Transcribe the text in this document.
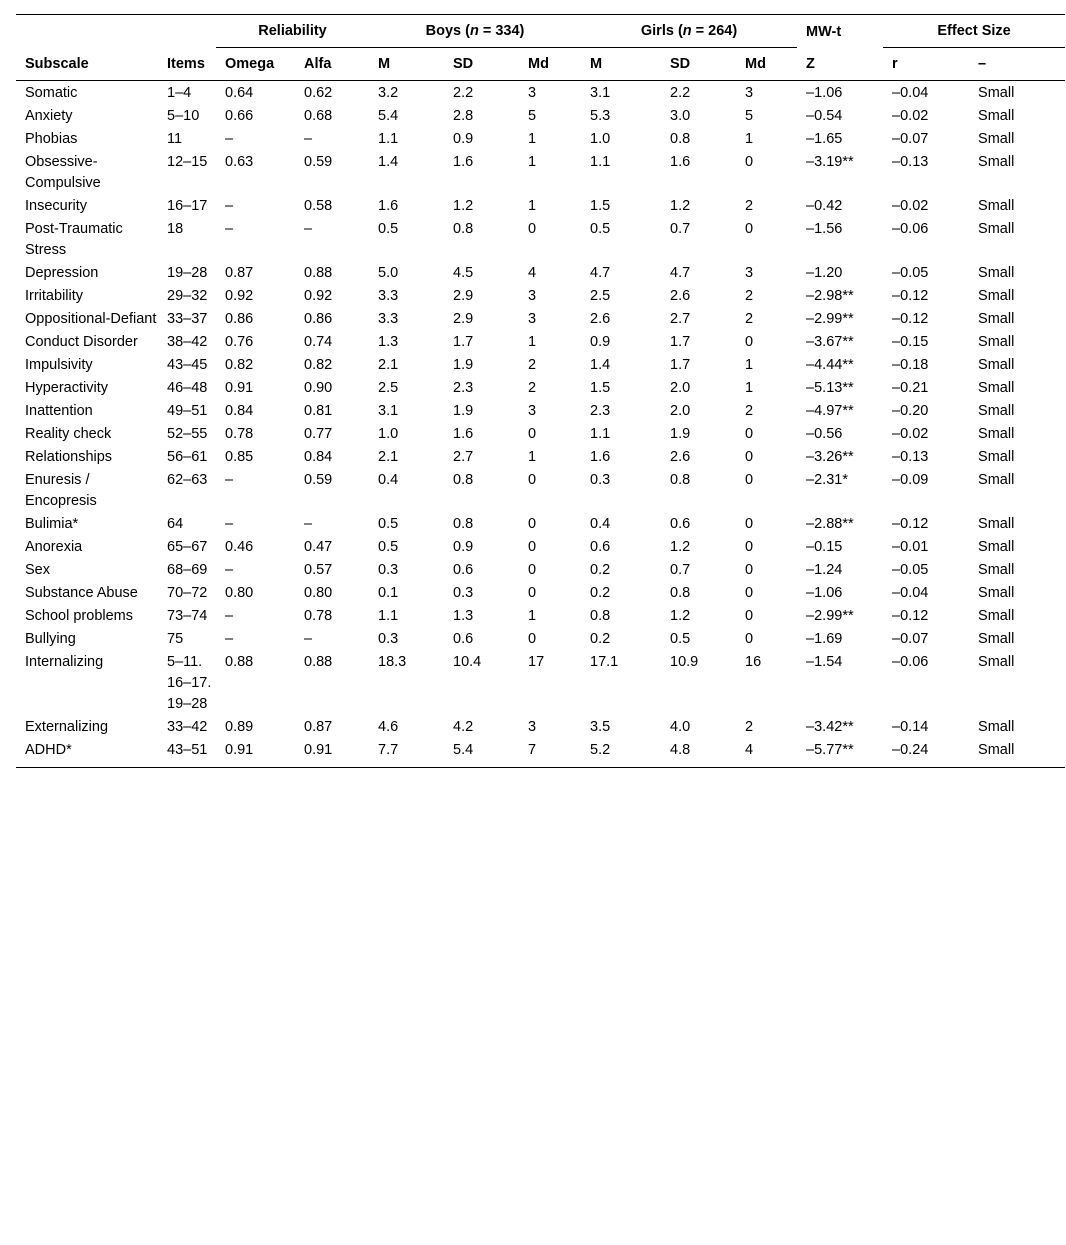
		Reliability		Boys (n = 334)			Girls (n = 264)			MW-t	Effect Size	

Subscale	Items	Omega	Alfa	M	SD	Md	M	SD	Md	Z	r	–
Somatic	1–4	0.64	0.62	3.2	2.2	3	3.1	2.2	3	–1.06	–0.04	Small
Anxiety	5–10	0.66	0.68	5.4	2.8	5	5.3	3.0	5	–0.54	–0.02	Small
Phobias	11	–	–	1.1	0.9	1	1.0	0.8	1	–1.65	–0.07	Small
Obsessive-Compulsive	12–15	0.63	0.59	1.4	1.6	1	1.1	1.6	0	–3.19**	–0.13	Small
Insecurity	16–17	–	0.58	1.6	1.2	1	1.5	1.2	2	–0.42	–0.02	Small
Post-Traumatic Stress	18	–	–	0.5	0.8	0	0.5	0.7	0	–1.56	–0.06	Small
Depression	19–28	0.87	0.88	5.0	4.5	4	4.7	4.7	3	–1.20	–0.05	Small
Irritability	29–32	0.92	0.92	3.3	2.9	3	2.5	2.6	2	–2.98**	–0.12	Small
Oppositional-Defiant	33–37	0.86	0.86	3.3	2.9	3	2.6	2.7	2	–2.99**	–0.12	Small
Conduct Disorder	38–42	0.76	0.74	1.3	1.7	1	0.9	1.7	0	–3.67**	–0.15	Small
Impulsivity	43–45	0.82	0.82	2.1	1.9	2	1.4	1.7	1	–4.44**	–0.18	Small
Hyperactivity	46–48	0.91	0.90	2.5	2.3	2	1.5	2.0	1	–5.13**	–0.21	Small
Inattention	49–51	0.84	0.81	3.1	1.9	3	2.3	2.0	2	–4.97**	–0.20	Small
Reality check	52–55	0.78	0.77	1.0	1.6	0	1.1	1.9	0	–0.56	–0.02	Small
Relationships	56–61	0.85	0.84	2.1	2.7	1	1.6	2.6	0	–3.26**	–0.13	Small
Enuresis / Encopresis	62–63	–	0.59	0.4	0.8	0	0.3	0.8	0	–2.31*	–0.09	Small
Bulimia*	64	–	–	0.5	0.8	0	0.4	0.6	0	–2.88**	–0.12	Small
Anorexia	65–67	0.46	0.47	0.5	0.9	0	0.6	1.2	0	–0.15	–0.01	Small
Sex	68–69	–	0.57	0.3	0.6	0	0.2	0.7	0	–1.24	–0.05	Small
Substance Abuse	70–72	0.80	0.80	0.1	0.3	0	0.2	0.8	0	–1.06	–0.04	Small
School problems	73–74	–	0.78	1.1	1.3	1	0.8	1.2	0	–2.99**	–0.12	Small
Bullying	75	–	–	0.3	0.6	0	0.2	0.5	0	–1.69	–0.07	Small
Internalizing	5–11. 16–17. 19–28	0.88	0.88	18.3	10.4	17	17.1	10.9	16	–1.54	–0.06	Small
Externalizing	33–42	0.89	0.87	4.6	4.2	3	3.5	4.0	2	–3.42**	–0.14	Small
ADHD*	43–51	0.91	0.91	7.7	5.4	7	5.2	4.8	4	–5.77**	–0.24	Small
